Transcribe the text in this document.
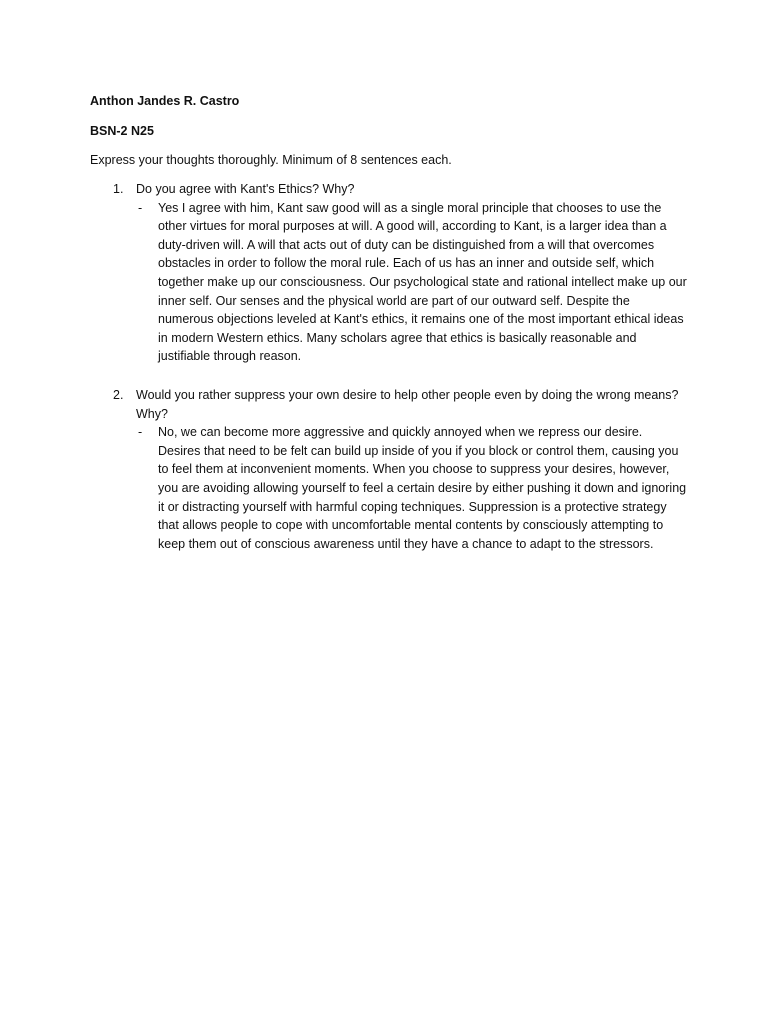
Anthon Jandes R. Castro
BSN-2 N25
Express your thoughts thoroughly. Minimum of 8 sentences each.
1. Do you agree with Kant's Ethics? Why?
- Yes I agree with him, Kant saw good will as a single moral principle that chooses to use the other virtues for moral purposes at will. A good will, according to Kant, is a larger idea than a duty-driven will. A will that acts out of duty can be distinguished from a will that overcomes obstacles in order to follow the moral rule. Each of us has an inner and outside self, which together make up our consciousness. Our psychological state and rational intellect make up our inner self. Our senses and the physical world are part of our outward self. Despite the numerous objections leveled at Kant's ethics, it remains one of the most important ethical ideas in modern Western ethics. Many scholars agree that ethics is basically reasonable and justifiable through reason.
2. Would you rather suppress your own desire to help other people even by doing the wrong means? Why?
- No, we can become more aggressive and quickly annoyed when we repress our desire. Desires that need to be felt can build up inside of you if you block or control them, causing you to feel them at inconvenient moments. When you choose to suppress your desires, however, you are avoiding allowing yourself to feel a certain desire by either pushing it down and ignoring it or distracting yourself with harmful coping techniques. Suppression is a protective strategy that allows people to cope with uncomfortable mental contents by consciously attempting to keep them out of conscious awareness until they have a chance to adapt to the stressors.
